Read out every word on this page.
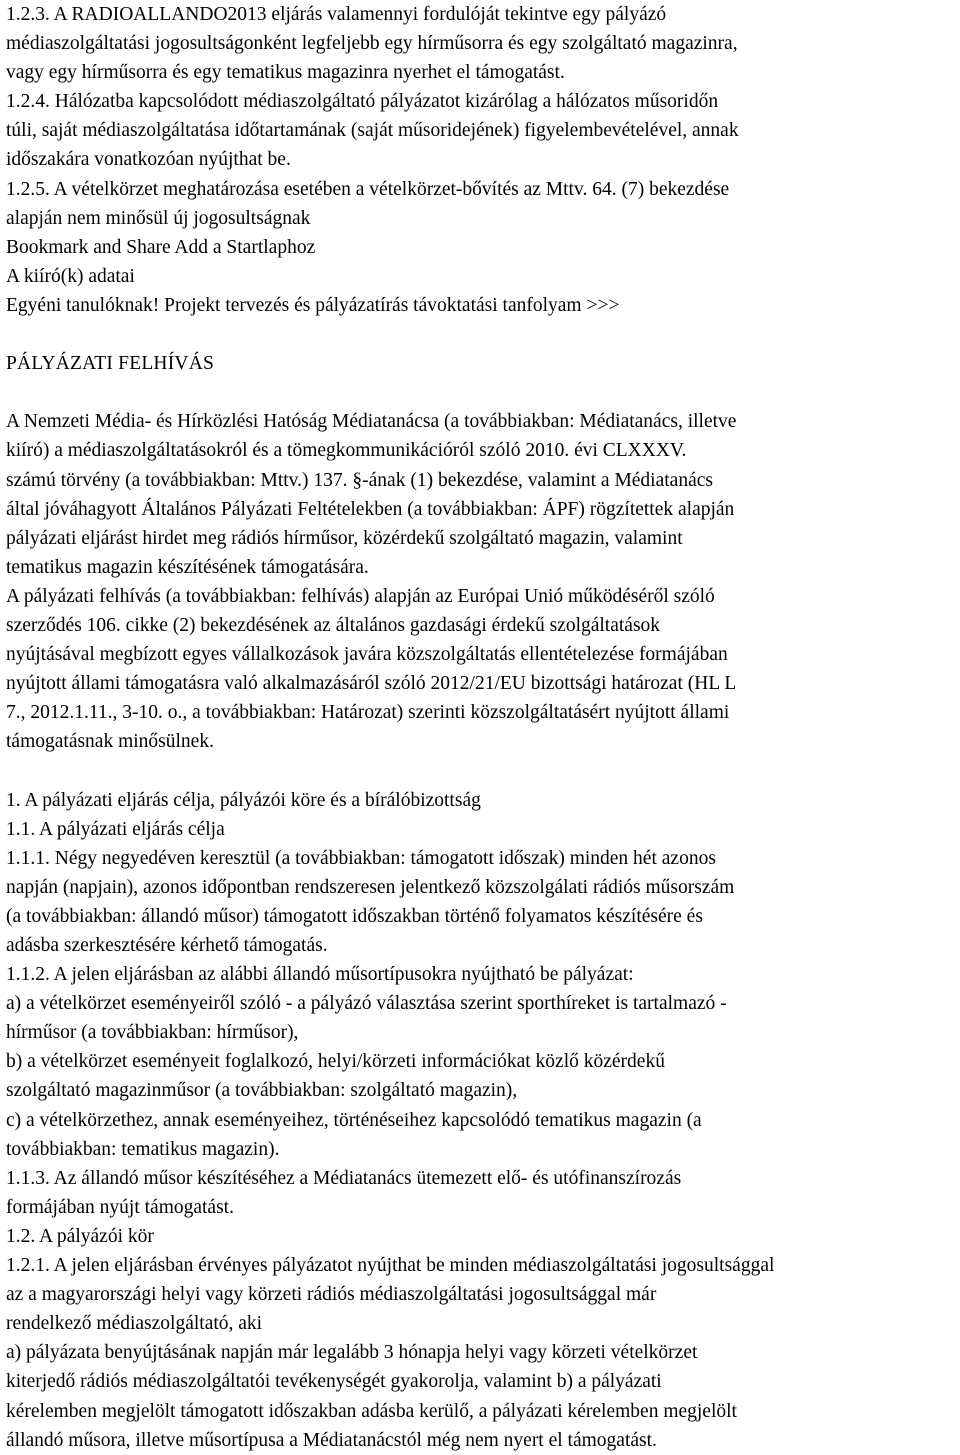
1.2.3. A RADIOALLANDO2013 eljárás valamennyi fordulóját tekintve egy pályázó
médiaszolgáltatási jogosultságonként legfeljebb egy hírműsorra és egy szolgáltató magazinra,
vagy egy hírműsorra és egy tematikus magazinra nyerhet el támogatást.
1.2.4. Hálózatba kapcsolódott médiaszolgáltató pályázatot kizárólag a hálózatos műsoridőn
túli, saját médiaszolgáltatása időtartamának (saját műsoridejének) figyelembevételével, annak
időszakára vonatkozóan nyújthat be.
1.2.5. A vételkörzet meghatározása esetében a vételkörzet-bővítés az Mttv. 64. (7) bekezdése
alapján nem minősül új jogosultságnak
Bookmark and Share Add a Startlaphoz
A kiíró(k) adatai
Egyéni tanulóknak! Projekt tervezés és pályázatírás távoktatási tanfolyam >>>
PÁLYÁZATI FELHÍVÁS
A Nemzeti Média- és Hírközlési Hatóság Médiatanácsa (a továbbiakban: Médiatanács, illetve
kiíró) a médiaszolgáltatásokról és a tömegkommunikációról szóló 2010. évi CLXXXV.
számú törvény (a továbbiakban: Mttv.) 137. §-ának (1) bekezdése, valamint a Médiatanács
által jóváhagyott Általános Pályázati Feltételekben (a továbbiakban: ÁPF) rögzítettek alapján
pályázati eljárást hirdet meg rádiós hírműsor, közérdekű szolgáltató magazin, valamint
tematikus magazin készítésének támogatására.
A pályázati felhívás (a továbbiakban: felhívás) alapján az Európai Unió működéséről szóló
szerződés 106. cikke (2) bekezdésének az általános gazdasági érdekű szolgáltatások
nyújtásával megbízott egyes vállalkozások javára közszolgáltatás ellentételezése formájában
nyújtott állami támogatásra való alkalmazásáról szóló 2012/21/EU bizottsági határozat (HL L
7., 2012.1.11., 3-10. o., a továbbiakban: Határozat) szerinti közszolgáltatásért nyújtott állami
támogatásnak minősülnek.
1. A pályázati eljárás célja, pályázói köre és a bírálóbizottság
1.1. A pályázati eljárás célja
1.1.1. Négy negyedéven keresztül (a továbbiakban: támogatott időszak) minden hét azonos
napján (napjain), azonos időpontban rendszeresen jelentkező közszolgálati rádiós műsorszám
(a továbbiakban: állandó műsor) támogatott időszakban történő folyamatos készítésére és
adásba szerkesztésére kérhető támogatás.
1.1.2. A jelen eljárásban az alábbi állandó műsortípusokra nyújtható be pályázat:
a) a vételkörzet eseményeiről szóló - a pályázó választása szerint sporthíreket is tartalmazó -
hírműsor (a továbbiakban: hírműsor),
b) a vételkörzet eseményeit foglalkozó, helyi/körzeti információkat közlő közérdekű
szolgáltató magazinműsor (a továbbiakban: szolgáltató magazin),
c) a vételkörzethez, annak eseményeihez, történéseihez kapcsolódó tematikus magazin (a
továbbiakban: tematikus magazin).
1.1.3. Az állandó műsor készítéséhez a Médiatanács ütemezett elő- és utófinanszírozás
formájában nyújt támogatást.
1.2. A pályázói kör
1.2.1. A jelen eljárásban érvényes pályázatot nyújthat be minden médiaszolgáltatási jogosultsággal
az a magyarországi helyi vagy körzeti rádiós médiaszolgáltatási jogosultsággal már
rendelkező médiaszolgáltató, aki
a) pályázata benyújtásának napján már legalább 3 hónapja helyi vagy körzeti vételkörzet
kiterjedő rádiós médiaszolgáltatói tevékenységét gyakorolja, valamint b) a pályázati
kérelemben megjelölt támogatott időszakban adásba kerülő, a pályázati kérelemben megjelölt
állandó műsora, illetve műsortípusa a Médiatanácstól még nem nyert el támogatást.
